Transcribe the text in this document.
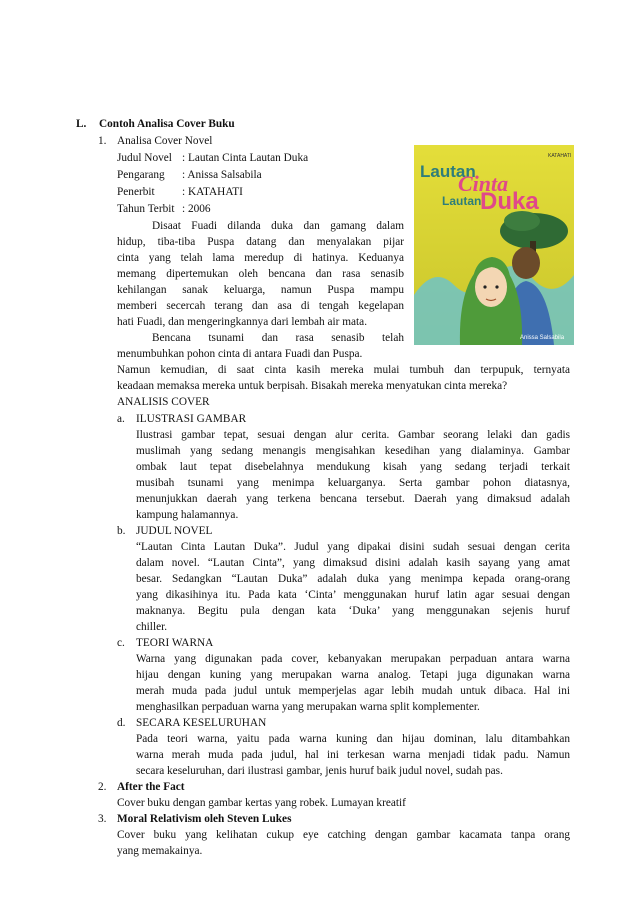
L. Contoh Analisa Cover Buku
1. Analisa Cover Novel
Judul Novel : Lautan Cinta Lautan Duka
Pengarang : Anissa Salsabila
Penerbit : KATAHATI
Tahun Terbit : 2006
Disaat Fuadi dilanda duka dan gamang dalam
hidup, tiba-tiba Puspa datang dan menyalakan pijar
cinta yang telah lama meredup di hatinya. Keduanya
memang dipertemukan oleh bencana dan rasa senasib
kehilangan sanak keluarga, namun Puspa mampu
memberi secercah terang dan asa di tengah kegelapan
hati Fuadi, dan mengeringkannya dari lembah air mata.
Bencana tsunami dan rasa senasib telah
menumbuhkan pohon cinta di antara Fuadi dan Puspa.
Namun kemudian, di saat cinta kasih mereka mulai tumbuh dan terpupuk, ternyata
keadaan memaksa mereka untuk berpisah. Bisakah mereka menyatukan cinta mereka?
ANALISIS COVER
a. ILUSTRASI GAMBAR
Ilustrasi gambar tepat, sesuai dengan alur cerita. Gambar seorang lelaki dan gadis
muslimah yang sedang menangis mengisahkan kesedihan yang dialaminya. Gambar
ombak laut tepat disebelahnya mendukung kisah yang sedang terjadi terkait
musibah tsunami yang menimpa keluarganya. Serta gambar pohon diatasnya,
menunjukkan daerah yang terkena bencana tersebut. Daerah yang dimaksud adalah
kampung halamannya.
b. JUDUL NOVEL
“Lautan Cinta Lautan Duka”. Judul yang dipakai disini sudah sesuai dengan cerita
dalam novel. “Lautan Cinta”, yang dimaksud disini adalah kasih sayang yang amat
besar. Sedangkan “Lautan Duka” adalah duka yang menimpa kepada orang-orang
yang dikasihinya itu. Pada kata ‘Cinta’ menggunakan huruf latin agar sesuai dengan
maknanya. Begitu pula dengan kata ‘Duka’ yang menggunakan sejenis huruf
chiller.
c. TEORI WARNA
Warna yang digunakan pada cover, kebanyakan merupakan perpaduan antara warna
hijau dengan kuning yang merupakan warna analog. Tetapi juga digunakan warna
merah muda pada judul untuk memperjelas agar lebih mudah untuk dibaca. Hal ini
menghasilkan perpaduan warna yang merupakan warna split komplementer.
d. SECARA KESELURUHAN
Pada teori warna, yaitu pada warna kuning dan hijau dominan, lalu ditambahkan
warna merah muda pada judul, hal ini terkesan warna menjadi tidak padu. Namun
secara keseluruhan, dari ilustrasi gambar, jenis huruf baik judul novel, sudah pas.
2. After the Fact
Cover buku dengan gambar kertas yang robek. Lumayan kreatif
3. Moral Relativism oleh Steven Lukes
Cover buku yang kelihatan cukup eye catching dengan gambar kacamata tanpa orang
yang memakainya.
Lautan
Cinta
Lautan
Duka
KATAHATI
Anissa Salsabila
